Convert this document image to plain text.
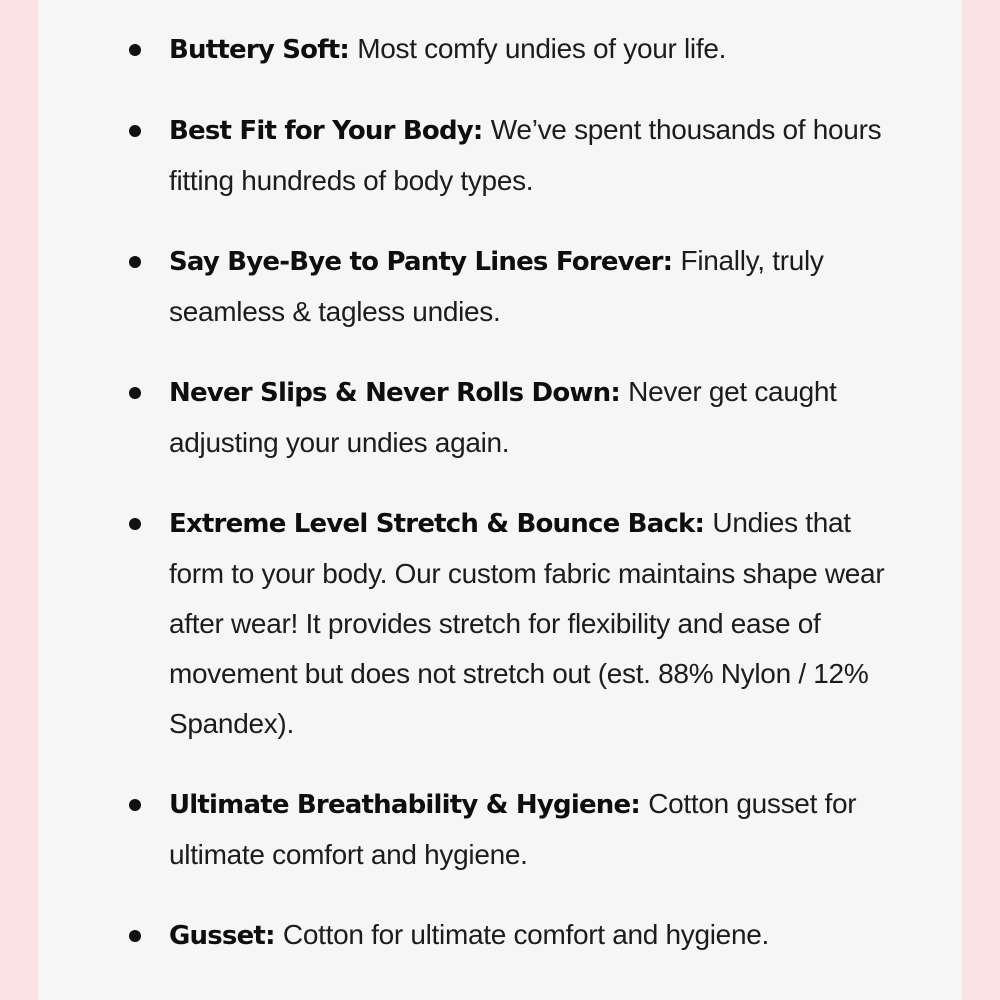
Buttery Soft: Most comfy undies of your life.
Best Fit for Your Body: We’ve spent thousands of hours fitting hundreds of body types.
Say Bye-Bye to Panty Lines Forever: Finally, truly seamless & tagless undies.
Never Slips & Never Rolls Down: Never get caught adjusting your undies again.
Extreme Level Stretch & Bounce Back: Undies that form to your body. Our custom fabric maintains shape wear after wear! It provides stretch for flexibility and ease of movement but does not stretch out (est. 88% Nylon / 12% Spandex).
Ultimate Breathability & Hygiene: Cotton gusset for ultimate comfort and hygiene.
Gusset: Cotton for ultimate comfort and hygiene.
